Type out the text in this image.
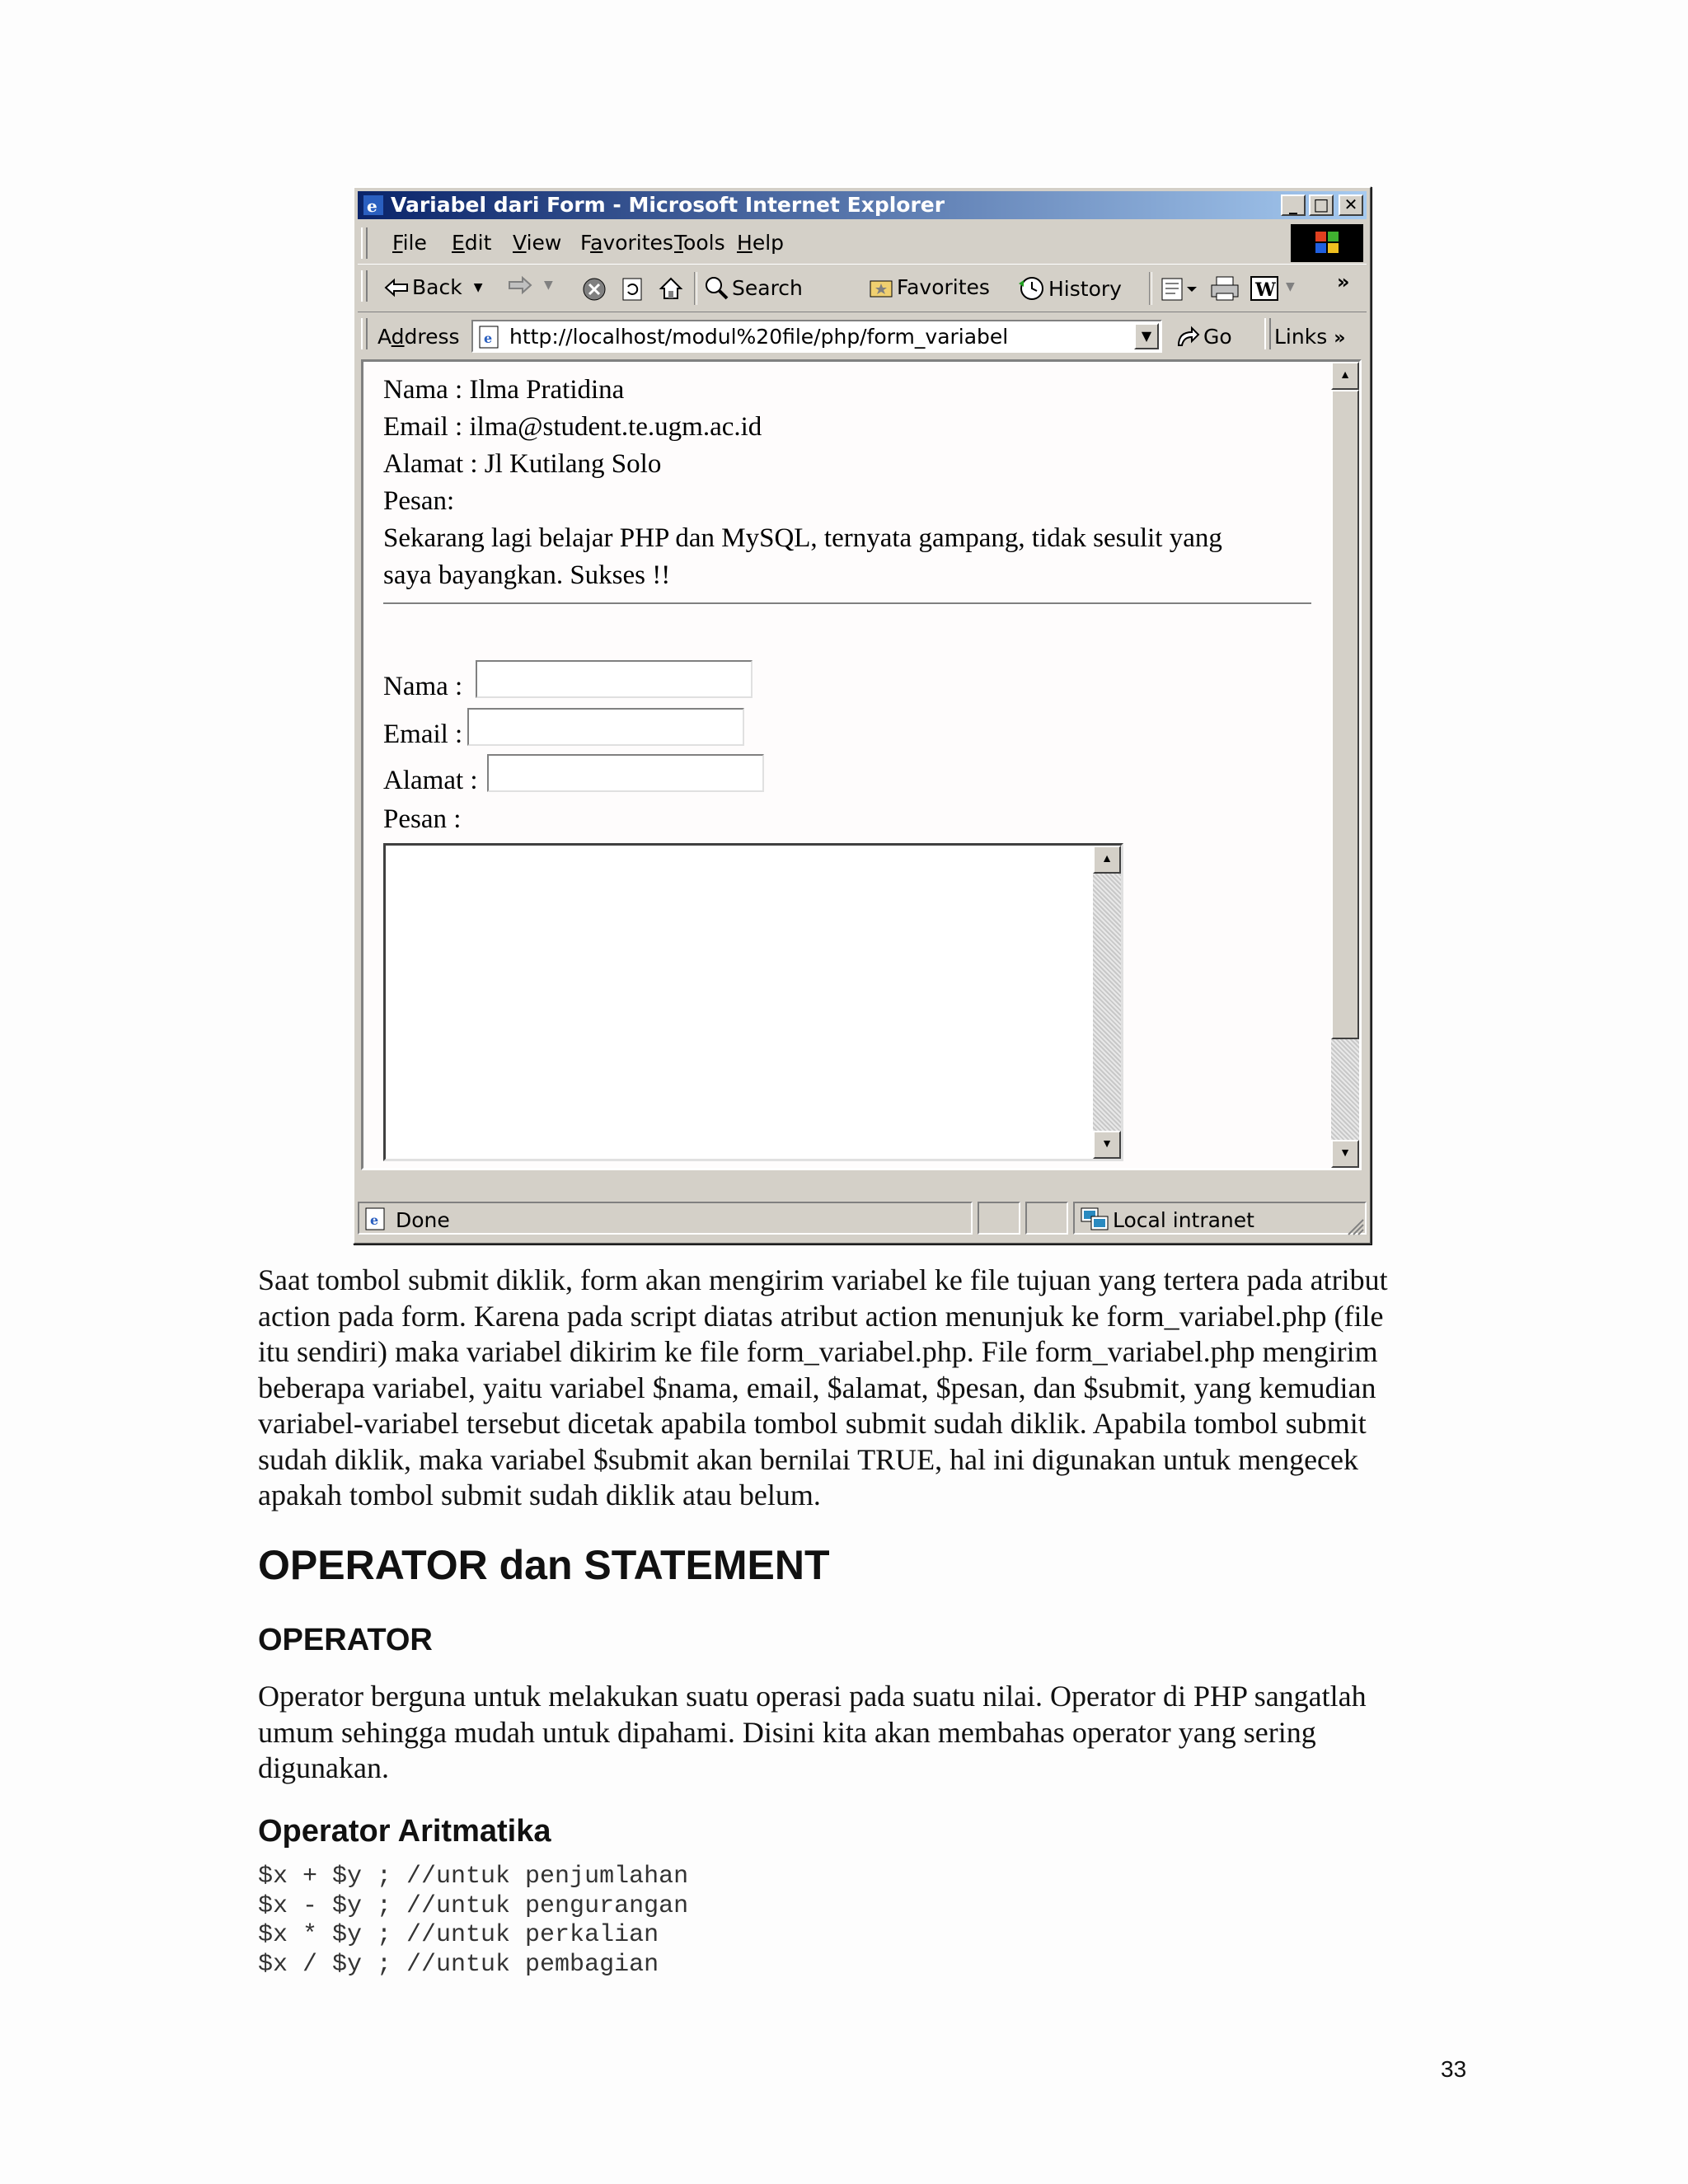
e Variabel dari Form - Microsoft Internet Explorer	_ □ ✕
File Edit View Favorites Tools Help
Back ▼	▼	Search	Favorites	History	W ▼ »
Address e http://localhost/modul%20file/php/form_variabel	▼	Go Links »
Nama : Ilma Pratidina
Email : ilma@student.te.ugm.ac.id
Alamat : Jl Kutilang Solo
Pesan:
Sekarang lagi belajar PHP dan MySQL, ternyata gampang, tidak sesulit yang
saya bayangkan. Sukses !!
Nama :
Email :
Alamat :
Pesan :
▲
▼
▲
▼
e Done	Local intranet
Saat tombol submit diklik, form akan mengirim variabel ke file tujuan yang tertera pada atribut
action pada form. Karena pada script diatas atribut action menunjuk ke form_variabel.php (file
itu sendiri) maka variabel dikirim ke file form_variabel.php. File form_variabel.php mengirim
beberapa variabel, yaitu variabel $nama, email, $alamat, $pesan, dan $submit, yang kemudian
variabel-variabel tersebut dicetak apabila tombol submit sudah diklik. Apabila tombol submit
sudah diklik, maka variabel $submit akan bernilai TRUE, hal ini digunakan untuk mengecek
apakah tombol submit sudah diklik atau belum.
OPERATOR dan STATEMENT
OPERATOR
Operator berguna untuk melakukan suatu operasi pada suatu nilai. Operator di PHP sangatlah
umum sehingga mudah untuk dipahami. Disini kita akan membahas operator yang sering
digunakan.
Operator Aritmatika
$x + $y ; //untuk penjumlahan
$x - $y ; //untuk pengurangan
$x * $y ; //untuk perkalian
$x / $y ; //untuk pembagian
33
